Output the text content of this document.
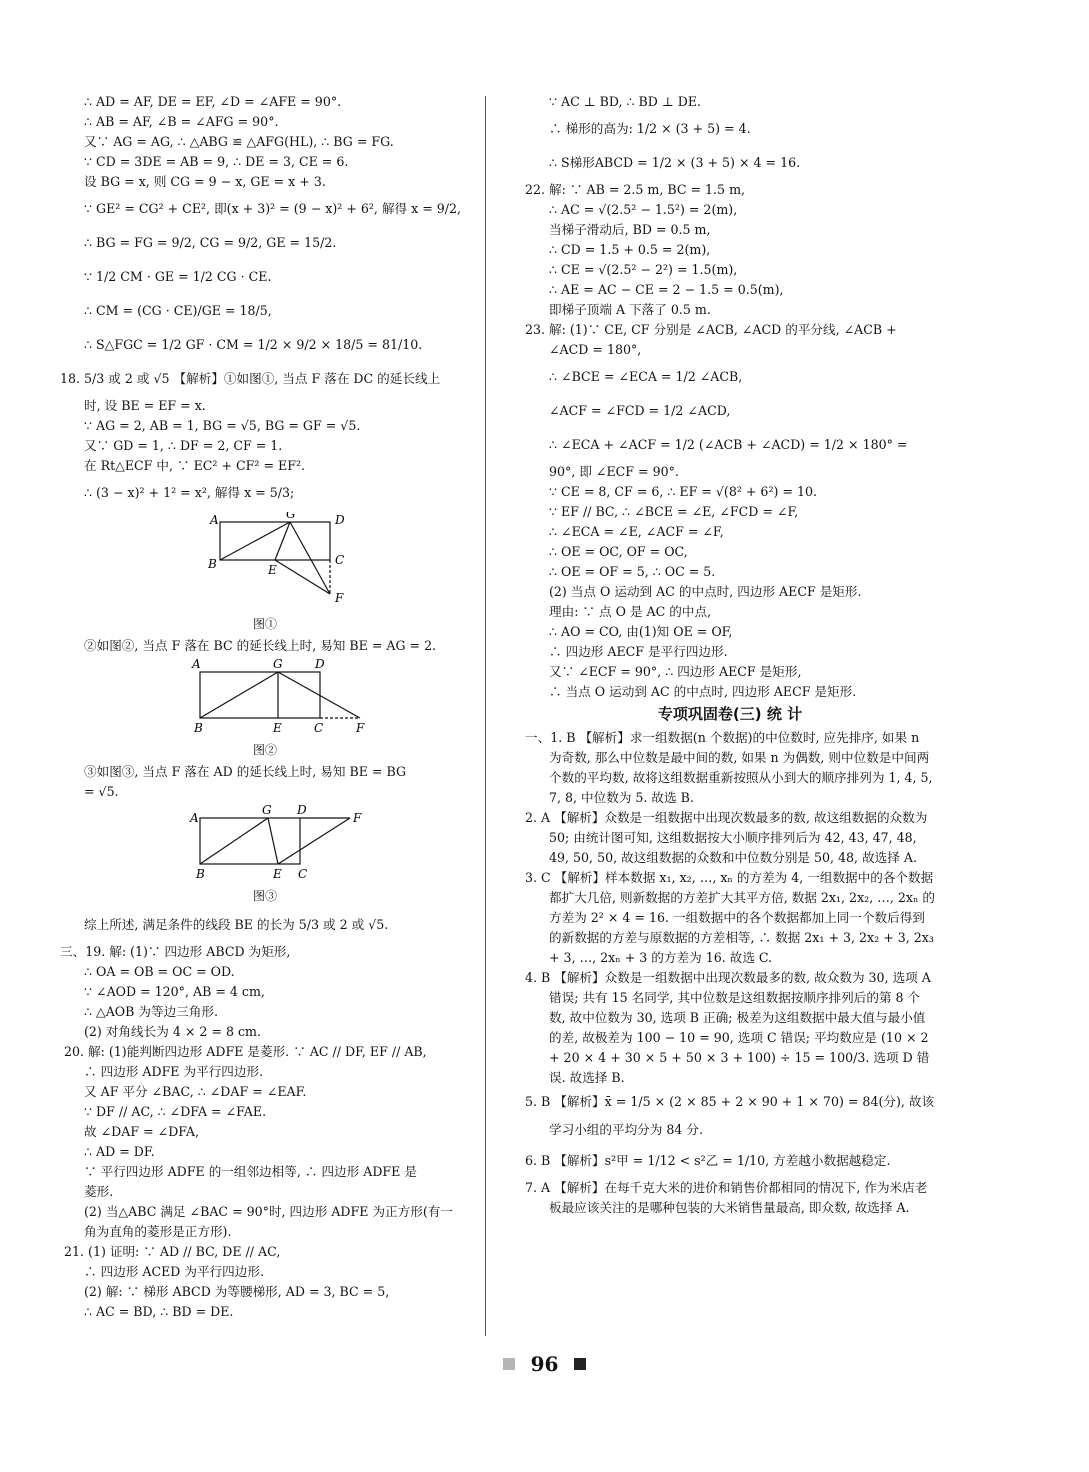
∴ AD = AF, DE = EF, ∠D = ∠AFE = 90°.
∴ AB = AF, ∠B = ∠AFG = 90°.
又∵ AG = AG, ∴ △ABG ≌ △AFG(HL), ∴ BG = FG.
∵ CD = 3DE = AB = 9, ∴ DE = 3, CE = 6.
设 BG = x, 则 CG = 9 − x, GE = x + 3.
∵ GE² = CG² + CE², 即(x + 3)² = (9 − x)² + 6², 解得 x = 9/2,
∴ BG = FG = 9/2, CG = 9/2, GE = 15/2.
∵ 1/2 CM · GE = 1/2 CG · CE.
∴ CM = (CG · CE)/GE = 18/5,
∴ S△FGC = 1/2 GF · CM = 1/2 × 9/2 × 18/5 = 81/10.
18. 5/3 或 2 或 √5 【解析】①如图①, 当点 F 落在 DC 的延长线上
时, 设 BE = EF = x.
∵ AG = 2, AB = 1, BG = √5, BG = GF = √5.
又∵ GD = 1, ∴ DF = 2, CF = 1.
在 Rt△ECF 中, ∵ EC² + CF² = EF².
∴ (3 − x)² + 1² = x², 解得 x = 5/3;
A	G	D
B	E
C
F
图①
②如图②, 当点 F 落在 BC 的延长线上时, 易知 BE = AG = 2.
A	G	D
B	E	C	F
图②
③如图③, 当点 F 落在 AD 的延长线上时, 易知 BE = BG
= √5.
A
G D
F
B	E C
图③
综上所述, 满足条件的线段 BE 的长为 5/3 或 2 或 √5.
三、19. 解: (1)∵ 四边形 ABCD 为矩形,
∴ OA = OB = OC = OD.
∵ ∠AOD = 120°, AB = 4 cm,
∴ △AOB 为等边三角形.
(2) 对角线长为 4 × 2 = 8 cm.
20. 解: (1)能判断四边形 ADFE 是菱形. ∵ AC // DF, EF // AB,
∴ 四边形 ADFE 为平行四边形.
又 AF 平分 ∠BAC, ∴ ∠DAF = ∠EAF.
∵ DF // AC, ∴ ∠DFA = ∠FAE.
故 ∠DAF = ∠DFA,
∴ AD = DF.
∵ 平行四边形 ADFE 的一组邻边相等, ∴ 四边形 ADFE 是
菱形.
(2) 当△ABC 满足 ∠BAC = 90°时, 四边形 ADFE 为正方形(有一
角为直角的菱形是正方形).
21. (1) 证明: ∵ AD // BC, DE // AC,
∴ 四边形 ACED 为平行四边形.
(2) 解: ∵ 梯形 ABCD 为等腰梯形, AD = 3, BC = 5,
∴ AC = BD, ∴ BD = DE.
∵ AC ⊥ BD, ∴ BD ⊥ DE.
∴ 梯形的高为: 1/2 × (3 + 5) = 4.
∴ S梯形ABCD = 1/2 × (3 + 5) × 4 = 16.
22. 解: ∵ AB = 2.5 m, BC = 1.5 m,
∴ AC = √(2.5² − 1.5²) = 2(m),
当梯子滑动后, BD = 0.5 m,
∴ CD = 1.5 + 0.5 = 2(m),
∴ CE = √(2.5² − 2²) = 1.5(m),
∴ AE = AC − CE = 2 − 1.5 = 0.5(m),
即梯子顶端 A 下落了 0.5 m.
23. 解: (1)∵ CE, CF 分别是 ∠ACB, ∠ACD 的平分线, ∠ACB +
∠ACD = 180°,
∴ ∠BCE = ∠ECA = 1/2 ∠ACB,
∠ACF = ∠FCD = 1/2 ∠ACD,
∴ ∠ECA + ∠ACF = 1/2 (∠ACB + ∠ACD) = 1/2 × 180° =
90°, 即 ∠ECF = 90°.
∵ CE = 8, CF = 6, ∴ EF = √(8² + 6²) = 10.
∵ EF // BC, ∴ ∠BCE = ∠E, ∠FCD = ∠F,
∴ ∠ECA = ∠E, ∠ACF = ∠F,
∴ OE = OC, OF = OC,
∴ OE = OF = 5, ∴ OC = 5.
(2) 当点 O 运动到 AC 的中点时, 四边形 AECF 是矩形.
理由: ∵ 点 O 是 AC 的中点,
∴ AO = CO, 由(1)知 OE = OF,
∴ 四边形 AECF 是平行四边形.
又∵ ∠ECF = 90°, ∴ 四边形 AECF 是矩形,
∴ 当点 O 运动到 AC 的中点时, 四边形 AECF 是矩形.
专项巩固卷(三) 统 计
一、1. B 【解析】求一组数据(n 个数据)的中位数时, 应先排序, 如果 n 为奇数, 那么中位数是最中间的数, 如果 n 为偶数, 则中位数是中间两个数的平均数, 故将这组数据重新按照从小到大的顺序排列为 1, 4, 5, 7, 8, 中位数为 5. 故选 B.
2. A 【解析】众数是一组数据中出现次数最多的数, 故这组数据的众数为 50; 由统计图可知, 这组数据按大小顺序排列后为 42, 43, 47, 48, 49, 50, 50, 故这组数据的众数和中位数分别是 50, 48, 故选择 A.
3. C 【解析】样本数据 x₁, x₂, …, xₙ 的方差为 4, 一组数据中的各个数据都扩大几倍, 则新数据的方差扩大其平方倍, 数据 2x₁, 2x₂, …, 2xₙ 的方差为 2² × 4 = 16. 一组数据中的各个数据都加上同一个数后得到的新数据的方差与原数据的方差相等, ∴ 数据 2x₁ + 3, 2x₂ + 3, 2x₃ + 3, …, 2xₙ + 3 的方差为 16. 故选 C.
4. B 【解析】众数是一组数据中出现次数最多的数, 故众数为 30, 选项 A 错误; 共有 15 名同学, 其中位数是这组数据按顺序排列后的第 8 个数, 故中位数为 30, 选项 B 正确; 极差为这组数据中最大值与最小值的差, 故极差为 100 − 10 = 90, 选项 C 错误; 平均数应是 (10 × 2 + 20 × 4 + 30 × 5 + 50 × 3 + 100) ÷ 15 = 100/3. 选项 D 错误. 故选择 B.
5. B 【解析】x̄ = 1/5 × (2 × 85 + 2 × 90 + 1 × 70) = 84(分), 故该学习小组的平均分为 84 分.
6. B 【解析】s²甲 = 1/12 < s²乙 = 1/10, 方差越小数据越稳定.
7. A 【解析】在每千克大米的进价和销售价都相同的情况下, 作为米店老板最应该关注的是哪种包装的大米销售量最高, 即众数, 故选择 A.
96
